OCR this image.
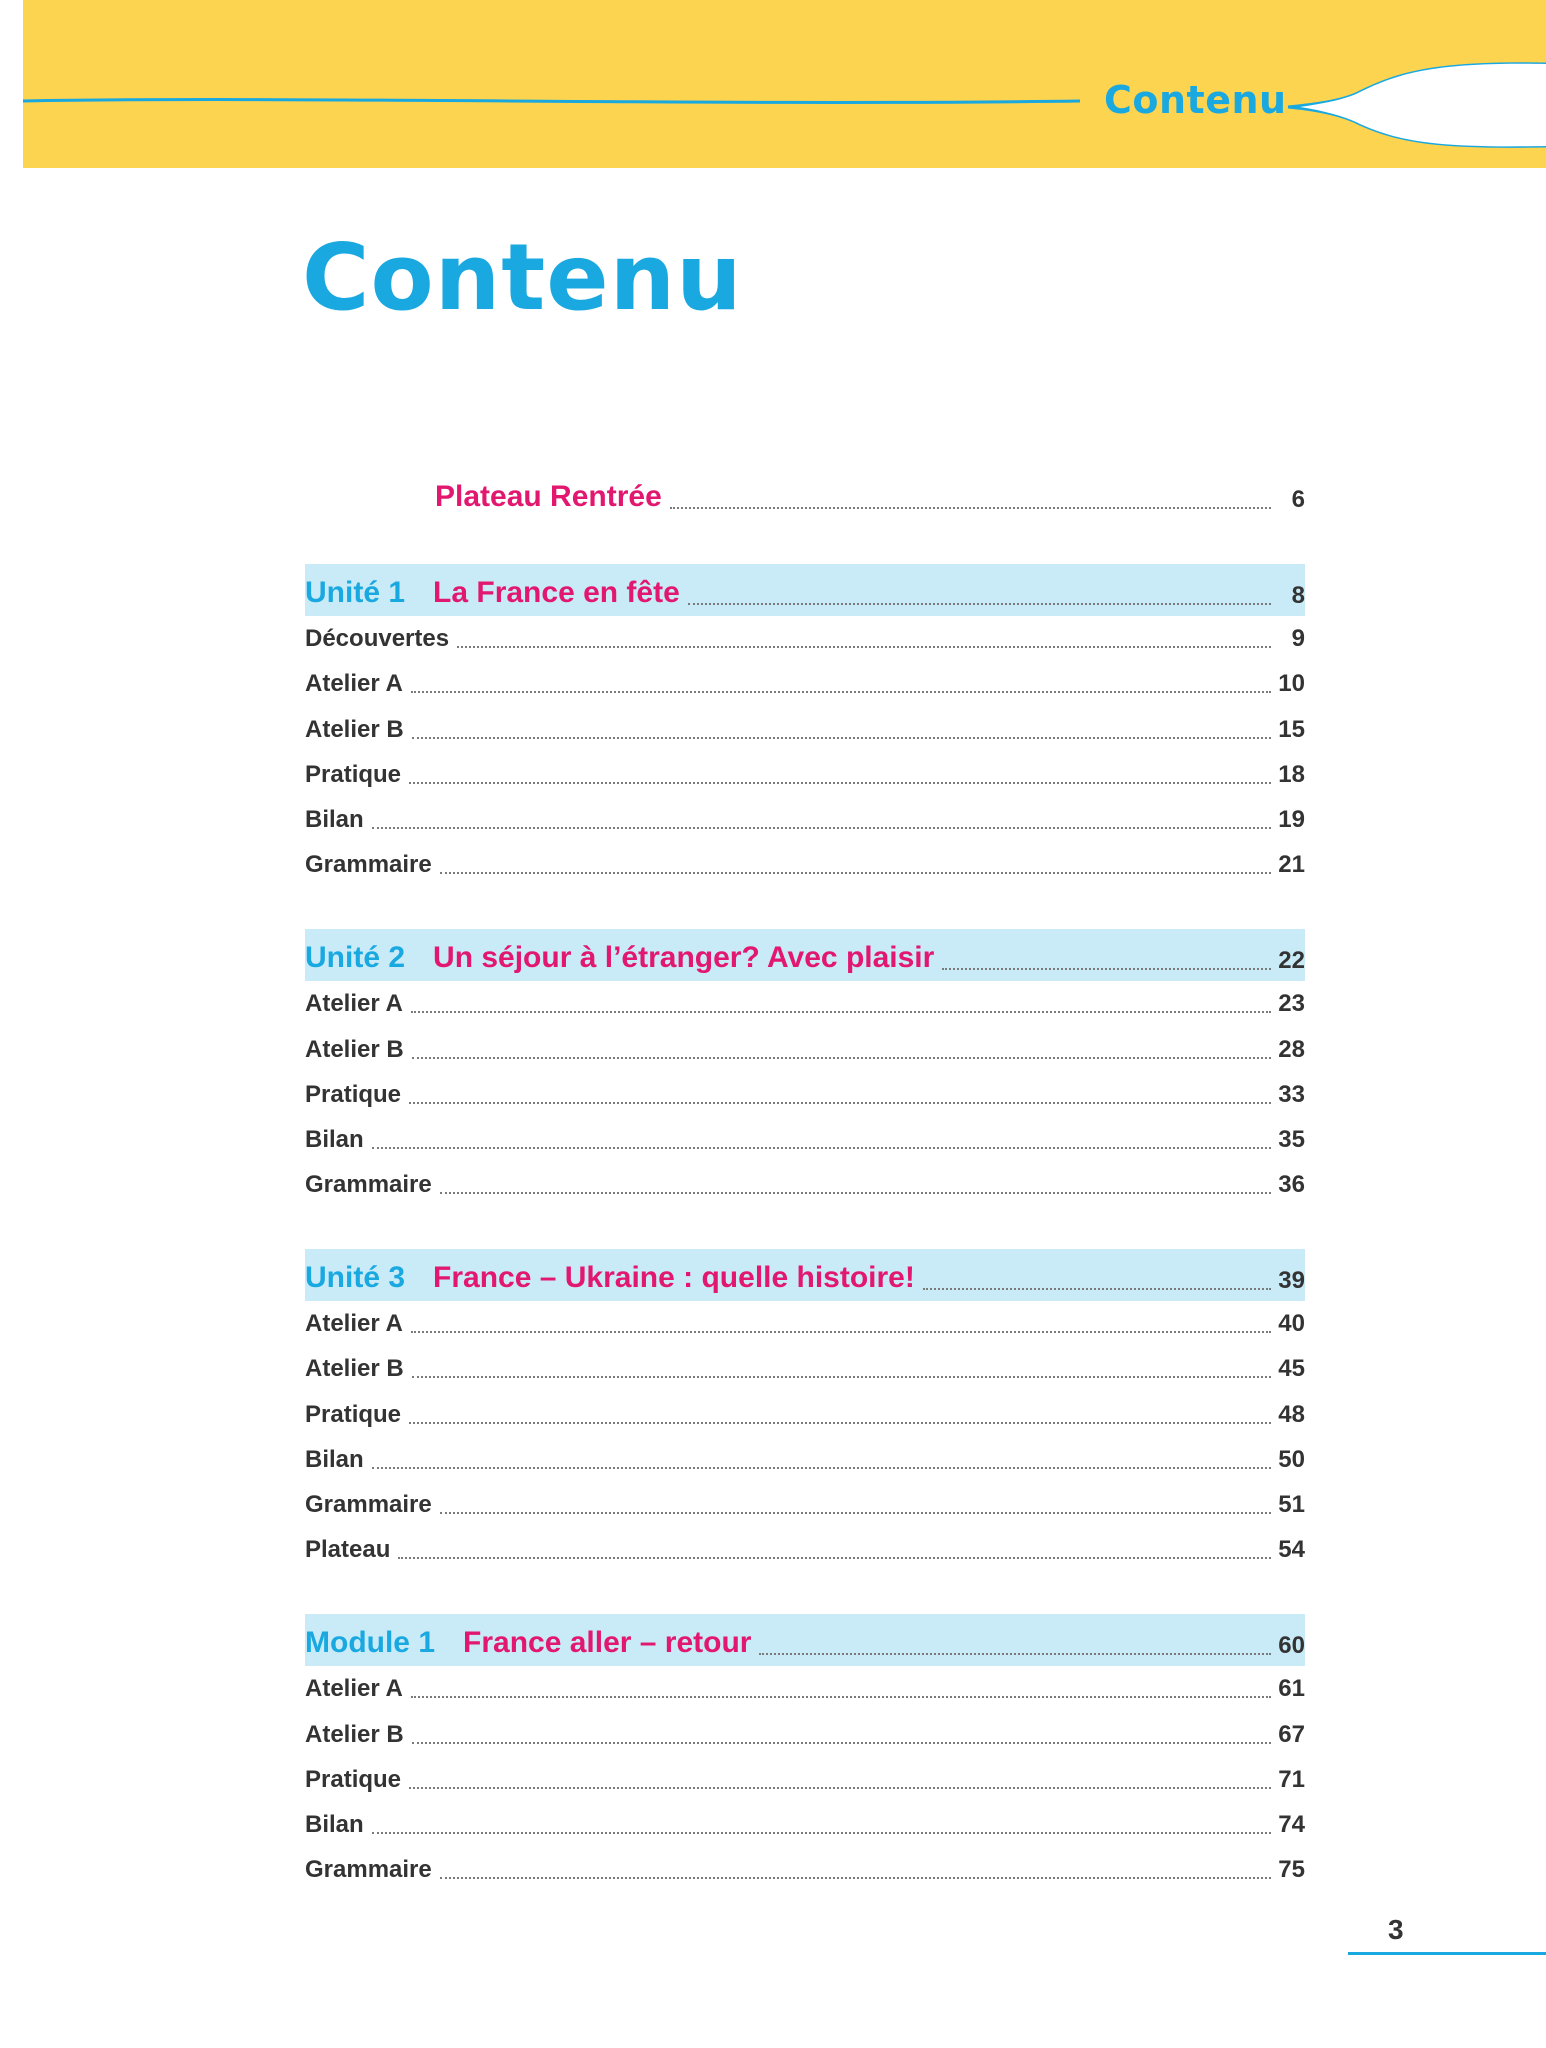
Contenu
Contenu
Plateau Rentrée	6
Unité 1 La France en fête	8
Découvertes	9
Atelier A	10
Atelier B	15
Pratique	18
Bilan	19
Grammaire	21
Unité 2 Un séjour à l’étranger? Avec plaisir	22
Atelier A	23
Atelier B	28
Pratique	33
Bilan	35
Grammaire	36
Unité 3 France – Ukraine : quelle histoire!	39
Atelier A	40
Atelier B	45
Pratique	48
Bilan	50
Grammaire	51
Plateau	54
Module 1 France aller – retour	60
Atelier A	61
Atelier B	67
Pratique	71
Bilan	74
Grammaire	75
3
